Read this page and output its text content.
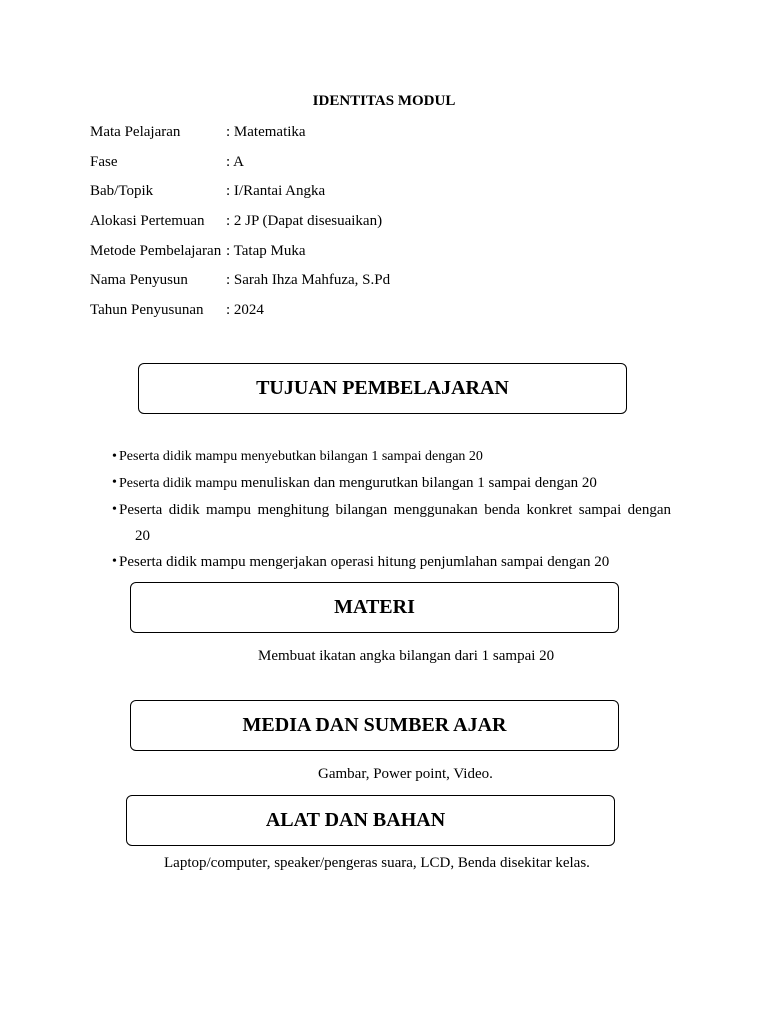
IDENTITAS MODUL
Mata Pelajaran	: Matematika
Fase	: A
Bab/Topik	: I/Rantai Angka
Alokasi Pertemuan : 2 JP (Dapat disesuaikan)
Metode Pembelajaran : Tatap Muka
Nama Penyusun	: Sarah Ihza Mahfuza, S.Pd
Tahun Penyusunan : 2024
TUJUAN PEMBELAJARAN
• Peserta didik mampu menyebutkan bilangan 1 sampai dengan 20
• Peserta didik mampu menuliskan dan mengurutkan bilangan 1 sampai dengan 20
• Peserta didik mampu menghitung bilangan menggunakan benda konkret sampai dengan
20
• Peserta didik mampu mengerjakan operasi hitung penjumlahan sampai dengan 20
MATERI
Membuat ikatan angka bilangan dari 1 sampai 20
MEDIA DAN SUMBER AJAR
Gambar, Power point, Video.
ALAT DAN BAHAN
Laptop/computer, speaker/pengeras suara, LCD, Benda disekitar kelas.
